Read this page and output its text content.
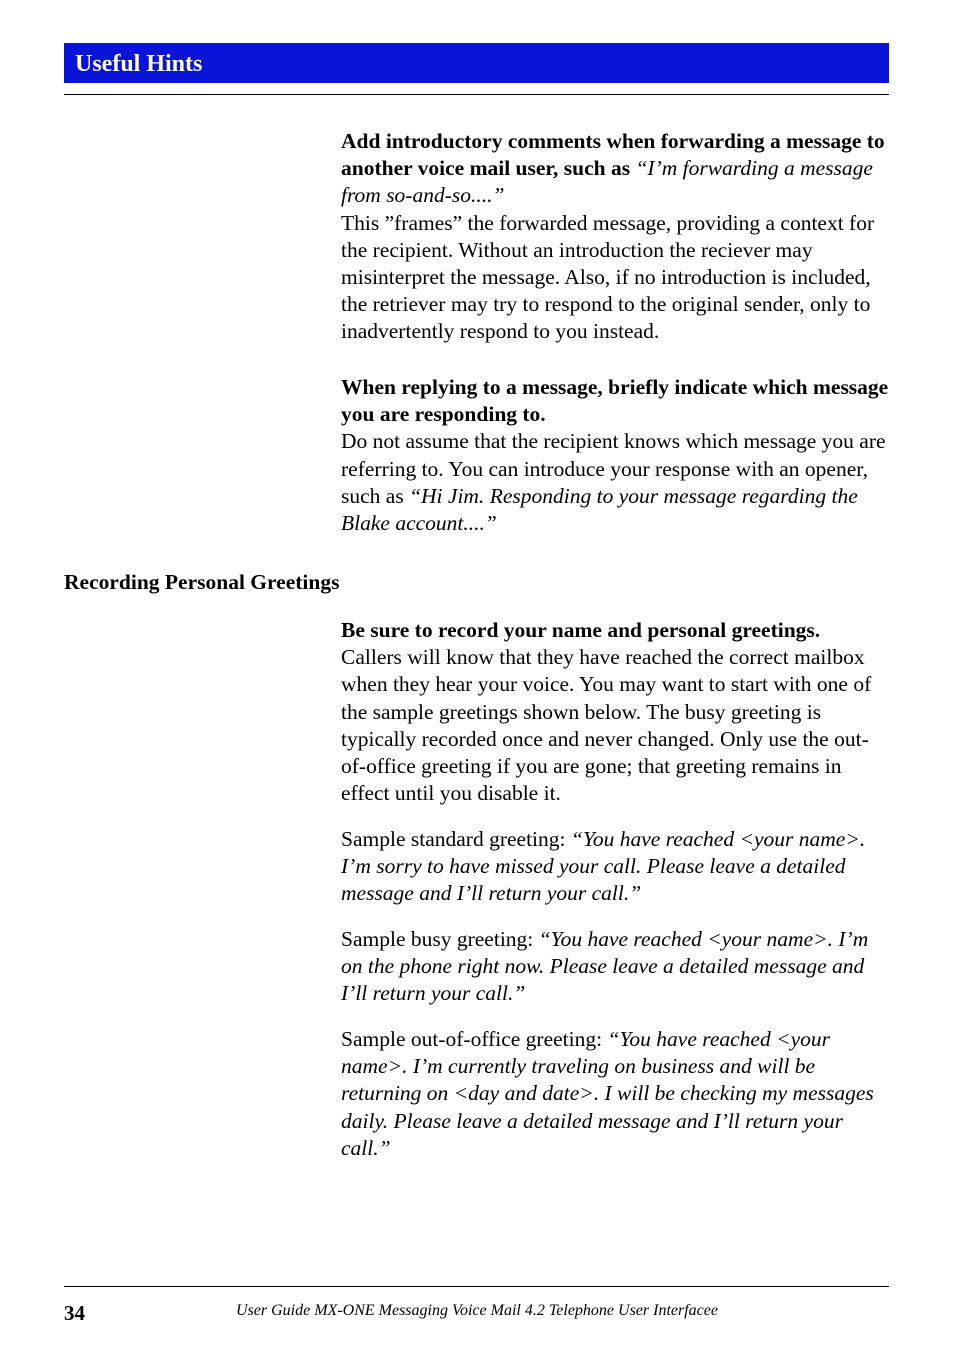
Useful Hints

Add introductory comments when forwarding a message to another voice mail user, such as “I’m forwarding a message from so-and-so....”

This ”frames” the forwarded message, providing a context for the recipient. Without an introduction the reciever may misinterpret the message. Also, if no introduction is included, the retriever may try to respond to the original sender, only to inadvertently respond to you instead.

When replying to a message, briefly indicate which message you are responding to.

Do not assume that the recipient knows which message you are referring to. You can introduce your response with an opener, such as “Hi Jim. Responding to your message regarding the Blake account....”

Recording Personal Greetings

Be sure to record your name and personal greetings.

Callers will know that they have reached the correct mailbox when they hear your voice. You may want to start with one of the sample greetings shown below. The busy greeting is typically recorded once and never changed. Only use the out-of-office greeting if you are gone; that greeting remains in effect until you disable it.

Sample standard greeting: “You have reached <your name>. I’m sorry to have missed your call. Please leave a detailed message and I’ll return your call.”

Sample busy greeting: “You have reached <your name>. I’m on the phone right now. Please leave a detailed message and I’ll return your call.”

Sample out-of-office greeting: “You have reached <your name>. I’m currently traveling on business and will be returning on <day and date>. I will be checking my messages daily. Please leave a detailed message and I’ll return your call.”

34	User Guide MX-ONE Messaging Voice Mail 4.2 Telephone User Interfacee
